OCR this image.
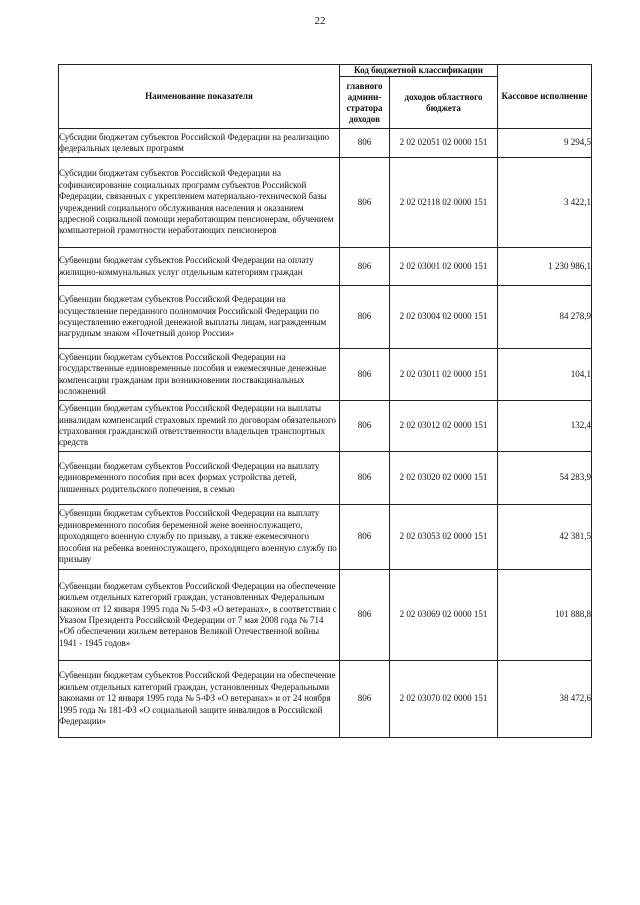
22
Наименование показателя	Код бюджетной классификации		Кассовое исполнение
	главного админи-стратора доходов	доходов областного бюджета	
Субсидии бюджетам субъектов Российской Федерации на реализацию федеральных целевых программ	806	2 02 02051 02 0000 151	9 294,5
Субсидии бюджетам субъектов Российской Федерации на софинансирование социальных программ субъектов Российской Федерации, связанных с укреплением материально-технической базы учреждений социального обслуживания населения и оказанием адресной социальной помощи неработающим пенсионерам, обучением компьютерной грамотности неработающих пенсионеров	806	2 02 02118 02 0000 151	3 422,1
Субвенции бюджетам субъектов Российской Федерации на оплату жилищно-коммунальных услуг отдельным категориям граждан	806	2 02 03001 02 0000 151	1 230 986,1
Субвенции бюджетам субъектов Российской Федерации на осуществление переданного полномочия Российской Федерации по осуществлению ежегодной денежной выплаты лицам, награжденным нагрудным знаком «Почетный донор России»	806	2 02 03004 02 0000 151	84 278,9
Субвенции бюджетам субъектов Российской Федерации на государственные единовременные пособия и ежемесячные денежные компенсации гражданам при возникновении поствакцинальных осложнений	806	2 02 03011 02 0000 151	104,1
Субвенции бюджетам субъектов Российской Федерации на выплаты инвалидам компенсаций страховых премий по договорам обязательного страхования гражданской ответственности владельцев транспортных средств	806	2 02 03012 02 0000 151	132,4
Субвенции бюджетам субъектов Российской Федерации на выплату единовременного пособия при всех формах устройства детей, лишенных родительского попечения, в семью	806	2 02 03020 02 0000 151	54 283,9
Субвенции бюджетам субъектов Российской Федерации на выплату единовременного пособия беременной жене военнослужащего, проходящего военную службу по призыву, а также ежемесячного пособия на ребенка военнослужащего, проходящего военную службу по призыву	806	2 02 03053 02 0000 151	42 381,5
Субвенции бюджетам субъектов Российской Федерации на обеспечение жильем отдельных категорий граждан, установленных Федеральным законом от 12 января 1995 года № 5-ФЗ «О ветеранах», в соответствии с Указом Президента Российской Федерации от 7 мая 2008 года № 714 «Об обеспечении жильем ветеранов Великой Отечественной войны 1941 - 1945 годов»	806	2 02 03069 02 0000 151	101 888,8
Субвенции бюджетам субъектов Российской Федерации на обеспечение жильем отдельных категорий граждан, установленных Федеральными законами от 12 января 1995 года № 5-ФЗ «О ветеранах» и от 24 ноября 1995 года № 181-ФЗ «О социальной защите инвалидов в Российской Федерации»	806	2 02 03070 02 0000 151	38 472,6
